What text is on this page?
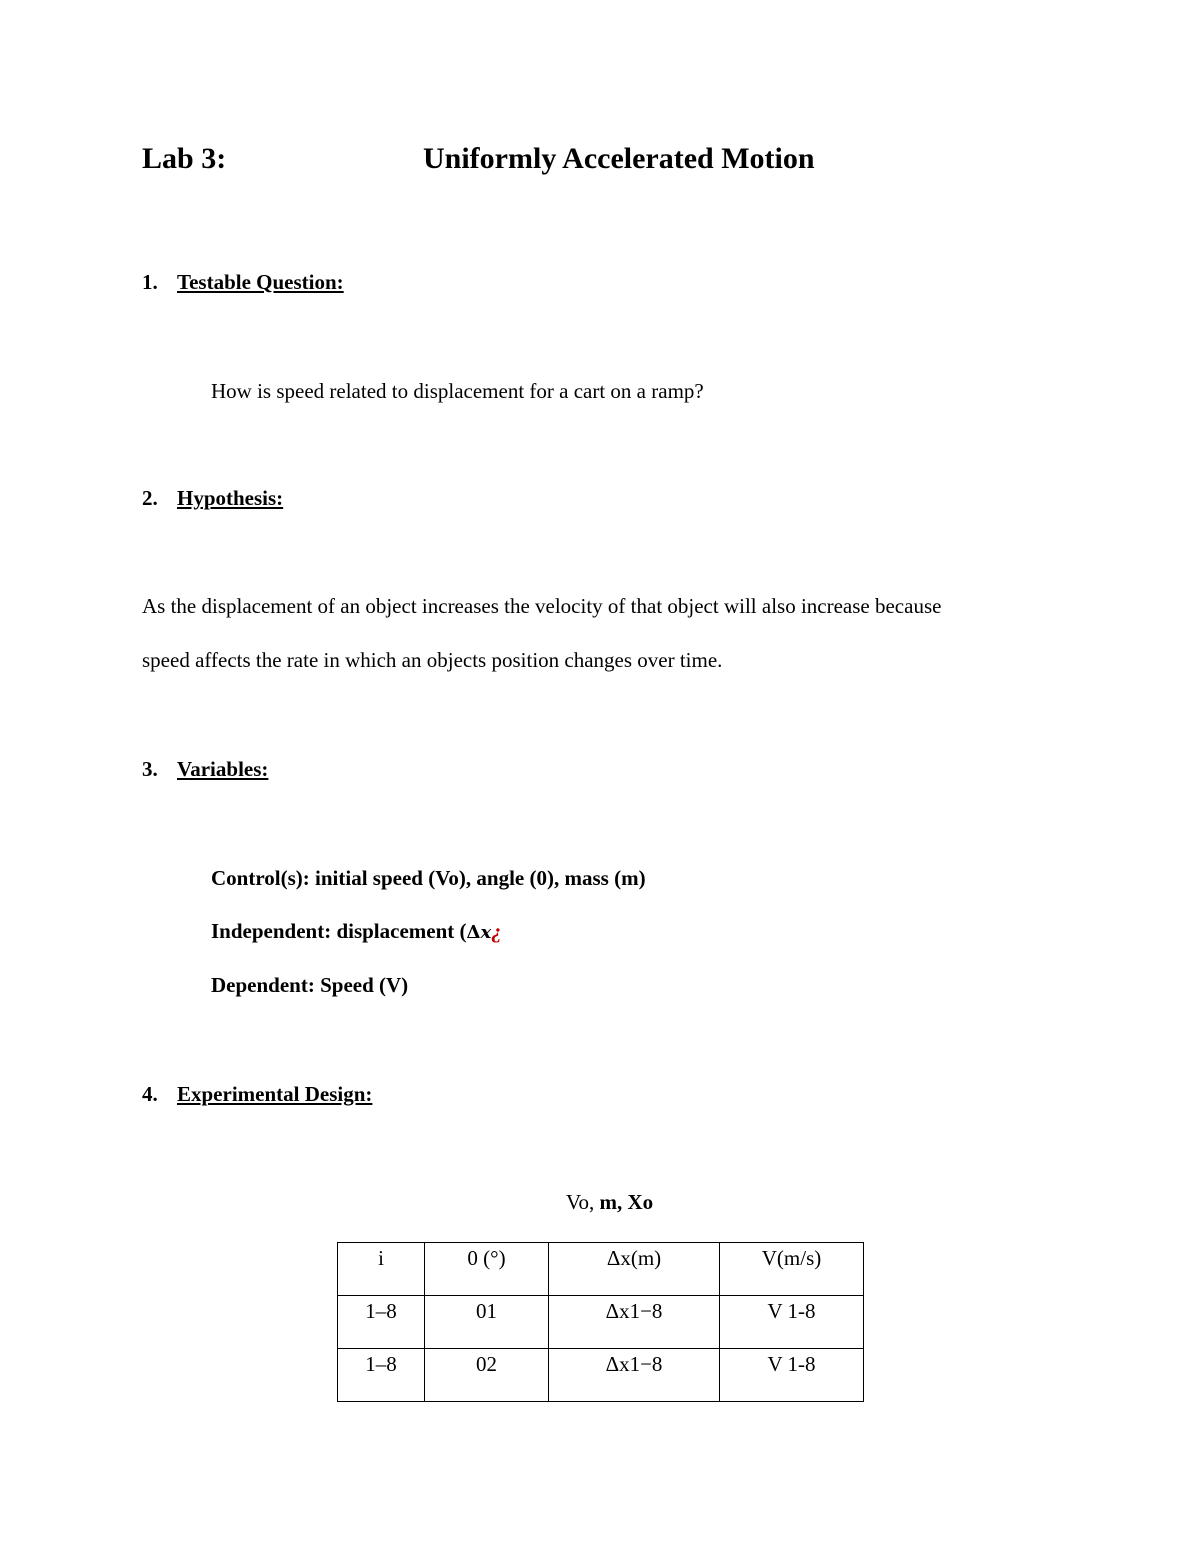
Lab 3:	Uniformly Accelerated Motion
1. Testable Question:
How is speed related to displacement for a cart on a ramp?
2. Hypothesis:
As the displacement of an object increases the velocity of that object will also increase because
speed affects the rate in which an objects position changes over time.
3. Variables:
Control(s): initial speed (Vo), angle (0), mass (m)
Independent: displacement (Δx¿
Dependent: Speed (V)
4. Experimental Design:
Vo, m, Xo
i	0 (°)	Δx(m)	V(m/s)
1–8	01	Δx1−8	V 1-8
1–8	02	Δx1−8	V 1-8
